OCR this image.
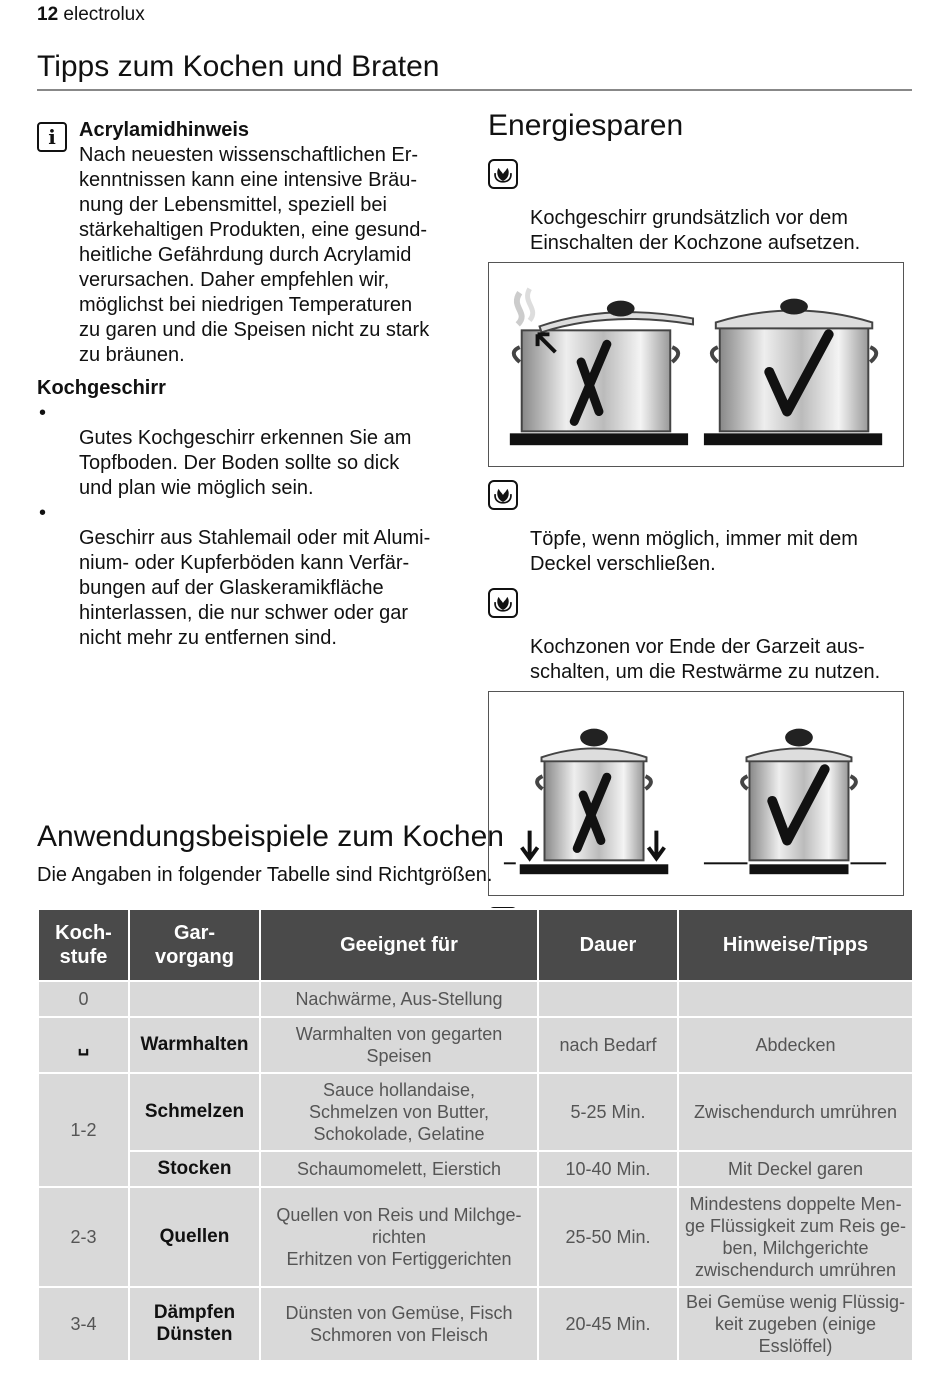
12 electrolux
Tipps zum Kochen und Braten
i	Acrylamidhinweis
Nach neuesten wissenschaftlichen Er-
kenntnissen kann eine intensive Bräu-
nung der Lebensmittel, speziell bei
stärkehaltigen Produkten, eine gesund-
heitliche Gefährdung durch Acrylamid
verursachen. Daher empfehlen wir,
möglichst bei niedrigen Temperaturen
zu garen und die Speisen nicht zu stark
zu bräunen.
Kochgeschirr

•
Gutes Kochgeschirr erkennen Sie am
Topfboden. Der Boden sollte so dick
und plan wie möglich sein.

•
Geschirr aus Stahlemail oder mit Alumi-
nium- oder Kupferböden kann Verfär-
bungen auf der Glaskeramikfläche
hinterlassen, die nur schwer oder gar
nicht mehr zu entfernen sind.

Energiesparen

Kochgeschirr grundsätzlich vor dem
Einschalten der Kochzone aufsetzen.

Töpfe, wenn möglich, immer mit dem
Deckel verschließen.

Kochzonen vor Ende der Garzeit aus-
schalten, um die Restwärme zu nutzen.

Anwendungsbeispiele zum Kochen
Die Angaben in folgender Tabelle sind Richtgrößen.
Koch-
stufe	Gar-
vorgang	Geeignet für	Dauer	Hinweise/Tipps
0		Nachwärme, Aus-Stellung		
␣	Warmhalten	Warmhalten von gegarten
Speisen	nach Bedarf	Abdecken
1-2	Schmelzen	Sauce hollandaise,
Schmelzen von Butter,
Schokolade, Gelatine	5-25 Min.	Zwischendurch umrühren
	Stocken	Schaumomelett, Eierstich	10-40 Min.	Mit Deckel garen
2-3	Quellen	Quellen von Reis und Milchge-
richten
Erhitzen von Fertiggerichten	25-50 Min.	Mindestens doppelte Men-
ge Flüssigkeit zum Reis ge-
ben, Milchgerichte
zwischendurch umrühren
3-4	Dämpfen
Dünsten	Dünsten von Gemüse, Fisch
Schmoren von Fleisch	20-45 Min.	Bei Gemüse wenig Flüssig-
keit zugeben (einige Esslöffel)
